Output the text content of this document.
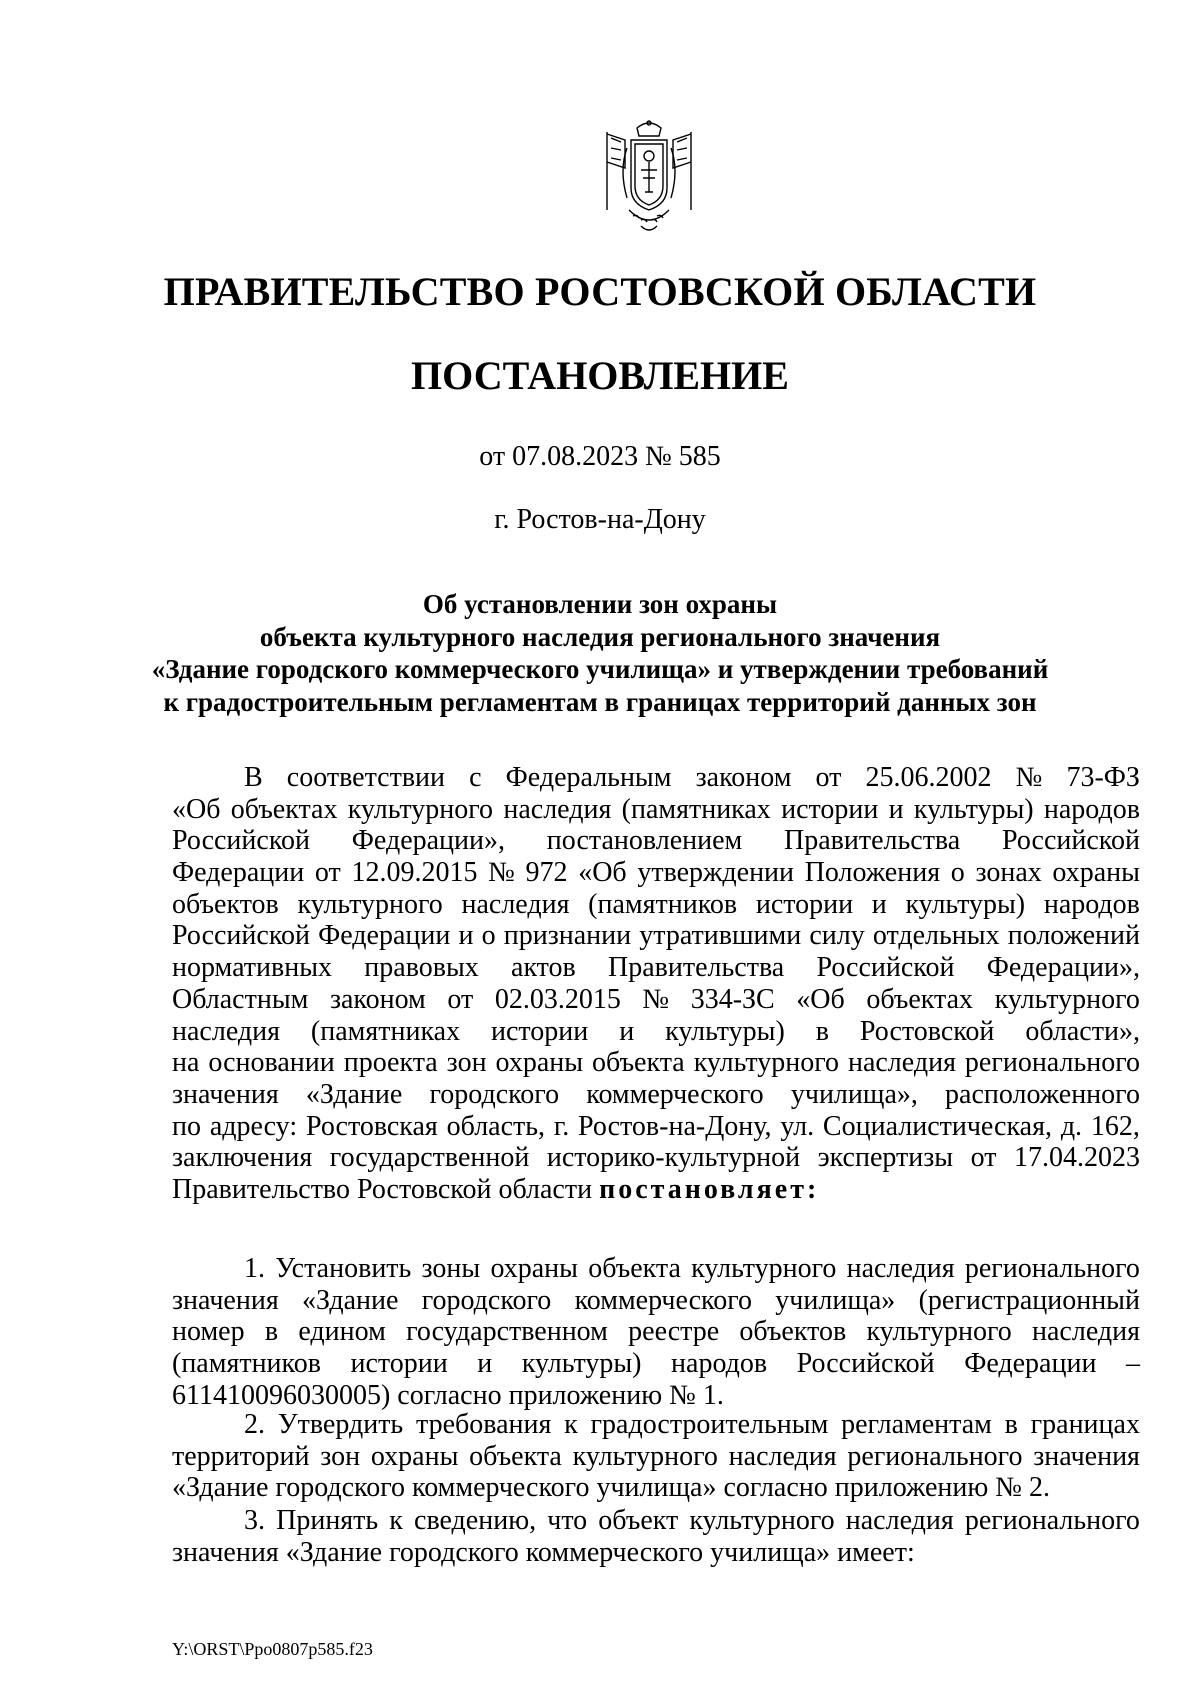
ПРАВИТЕЛЬСТВО РОСТОВСКОЙ ОБЛАСТИ
ПОСТАНОВЛЕНИЕ
от 07.08.2023 № 585
г. Ростов-на-Дону
Об установлении зон охраны
объекта культурного наследия регионального значения
«Здание городского коммерческого училища» и утверждении требований
к градостроительным регламентам в границах территорий данных зон
В соответствии с Федеральным законом от 25.06.2002 № 73-ФЗ
«Об объектах культурного наследия (памятниках истории и культуры) народов
Российской Федерации», постановлением Правительства Российской
Федерации от 12.09.2015 № 972 «Об утверждении Положения о зонах охраны
объектов культурного наследия (памятников истории и культуры) народов
Российской Федерации и о признании утратившими силу отдельных положений
нормативных правовых актов Правительства Российской Федерации»,
Областным законом от 02.03.2015 № 334-ЗС «Об объектах культурного
наследия (памятниках истории и культуры) в Ростовской области»,
на основании проекта зон охраны объекта культурного наследия регионального
значения «Здание городского коммерческого училища», расположенного
по адресу: Ростовская область, г. Ростов-на-Дону, ул. Социалистическая, д. 162,
заключения государственной историко-культурной экспертизы от 17.04.2023
Правительство Ростовской области постановляет:
1. Установить зоны охраны объекта культурного наследия регионального
значения «Здание городского коммерческого училища» (регистрационный
номер в едином государственном реестре объектов культурного наследия
(памятников истории и культуры) народов Российской Федерации –
611410096030005) согласно приложению № 1.
2. Утвердить требования к градостроительным регламентам в границах
территорий зон охраны объекта культурного наследия регионального значения
«Здание городского коммерческого училища» согласно приложению № 2.
3. Принять к сведению, что объект культурного наследия регионального
значения «Здание городского коммерческого училища» имеет:
Y:\ORST\Ppo0807p585.f23
